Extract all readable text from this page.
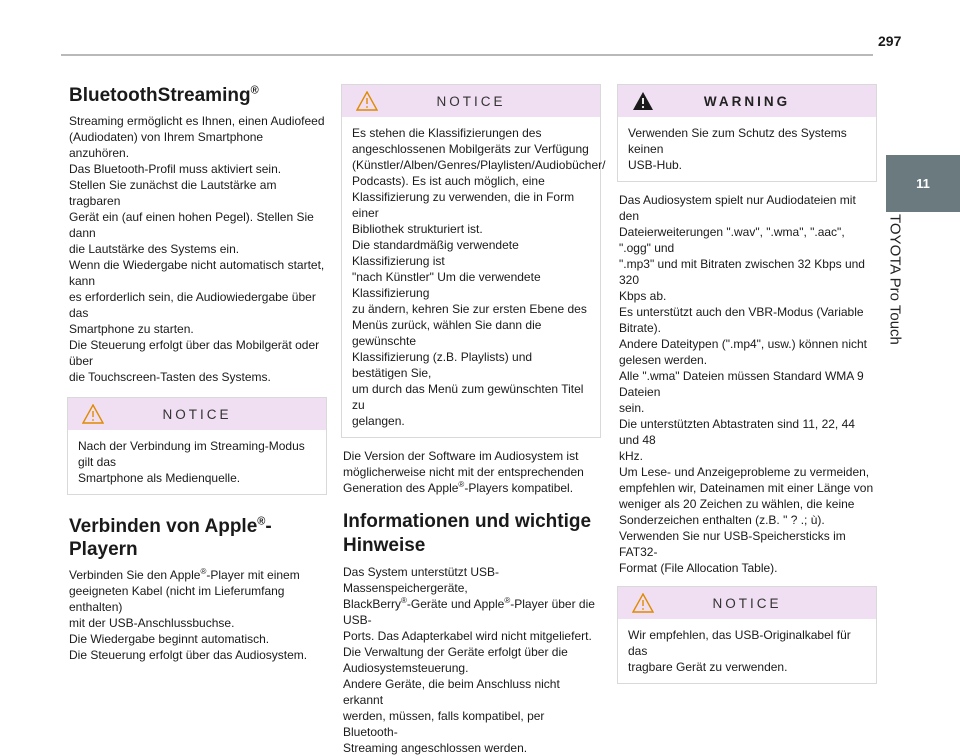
297
11
TOYOTA Pro Touch
BluetoothStreaming®

Streaming ermöglicht es Ihnen, einen Audiofeed

(Audiodaten) von Ihrem Smartphone anzuhören.

Das Bluetooth-Profil muss aktiviert sein.

Stellen Sie zunächst die Lautstärke am tragbaren

Gerät ein (auf einen hohen Pegel). Stellen Sie dann

die Lautstärke des Systems ein.

Wenn die Wiedergabe nicht automatisch startet, kann

es erforderlich sein, die Audiowiedergabe über das

Smartphone zu starten.

Die Steuerung erfolgt über das Mobilgerät oder über

die Touchscreen-Tasten des Systems.

NOTICE
Nach der Verbindung im Streaming-Modus gilt das
Smartphone als Medienquelle.
Verbinden von Apple®-Playern

Verbinden Sie den Apple®-Player mit einem

geeigneten Kabel (nicht im Lieferumfang enthalten)

mit der USB-Anschlussbuchse.

Die Wiedergabe beginnt automatisch.

Die Steuerung erfolgt über das Audiosystem.

NOTICE
Es stehen die Klassifizierungen des
angeschlossenen Mobilgeräts zur Verfügung
(Künstler/Alben/Genres/Playlisten/Audiobücher/
Podcasts). Es ist auch möglich, eine
Klassifizierung zu verwenden, die in Form einer
Bibliothek strukturiert ist.
Die standardmäßig verwendete Klassifizierung ist
"nach Künstler" Um die verwendete Klassifizierung
zu ändern, kehren Sie zur ersten Ebene des
Menüs zurück, wählen Sie dann die gewünschte
Klassifizierung (z.B. Playlists) und bestätigen Sie,
um durch das Menü zum gewünschten Titel zu
gelangen.

Die Version der Software im Audiosystem ist

möglicherweise nicht mit der entsprechenden

Generation des Apple®-Players kompatibel.

Informationen und wichtige
Hinweise

Das System unterstützt USB-Massenspeichergeräte,

BlackBerry®-Geräte und Apple®-Player über die USB-

Ports. Das Adapterkabel wird nicht mitgeliefert.

Die Verwaltung der Geräte erfolgt über die

Audiosystemsteuerung.

Andere Geräte, die beim Anschluss nicht erkannt

werden, müssen, falls kompatibel, per Bluetooth-

Streaming angeschlossen werden.

WARNING
Verwenden Sie zum Schutz des Systems keinen
USB-Hub.

Das Audiosystem spielt nur Audiodateien mit den

Dateierweiterungen ".wav", ".wma", ".aac", ".ogg" und

".mp3" und mit Bitraten zwischen 32 Kbps und 320

Kbps ab.

Es unterstützt auch den VBR-Modus (Variable Bitrate).

Andere Dateitypen (".mp4", usw.) können nicht

gelesen werden.

Alle ".wma" Dateien müssen Standard WMA 9 Dateien

sein.

Die unterstützten Abtastraten sind 11, 22, 44 und 48

kHz.

Um Lese- und Anzeigeprobleme zu vermeiden,

empfehlen wir, Dateinamen mit einer Länge von

weniger als 20 Zeichen zu wählen, die keine

Sonderzeichen enthalten (z.B. " ? .; ù).

Verwenden Sie nur USB-Speichersticks im FAT32-

Format (File Allocation Table).

NOTICE
Wir empfehlen, das USB-Originalkabel für das
tragbare Gerät zu verwenden.
